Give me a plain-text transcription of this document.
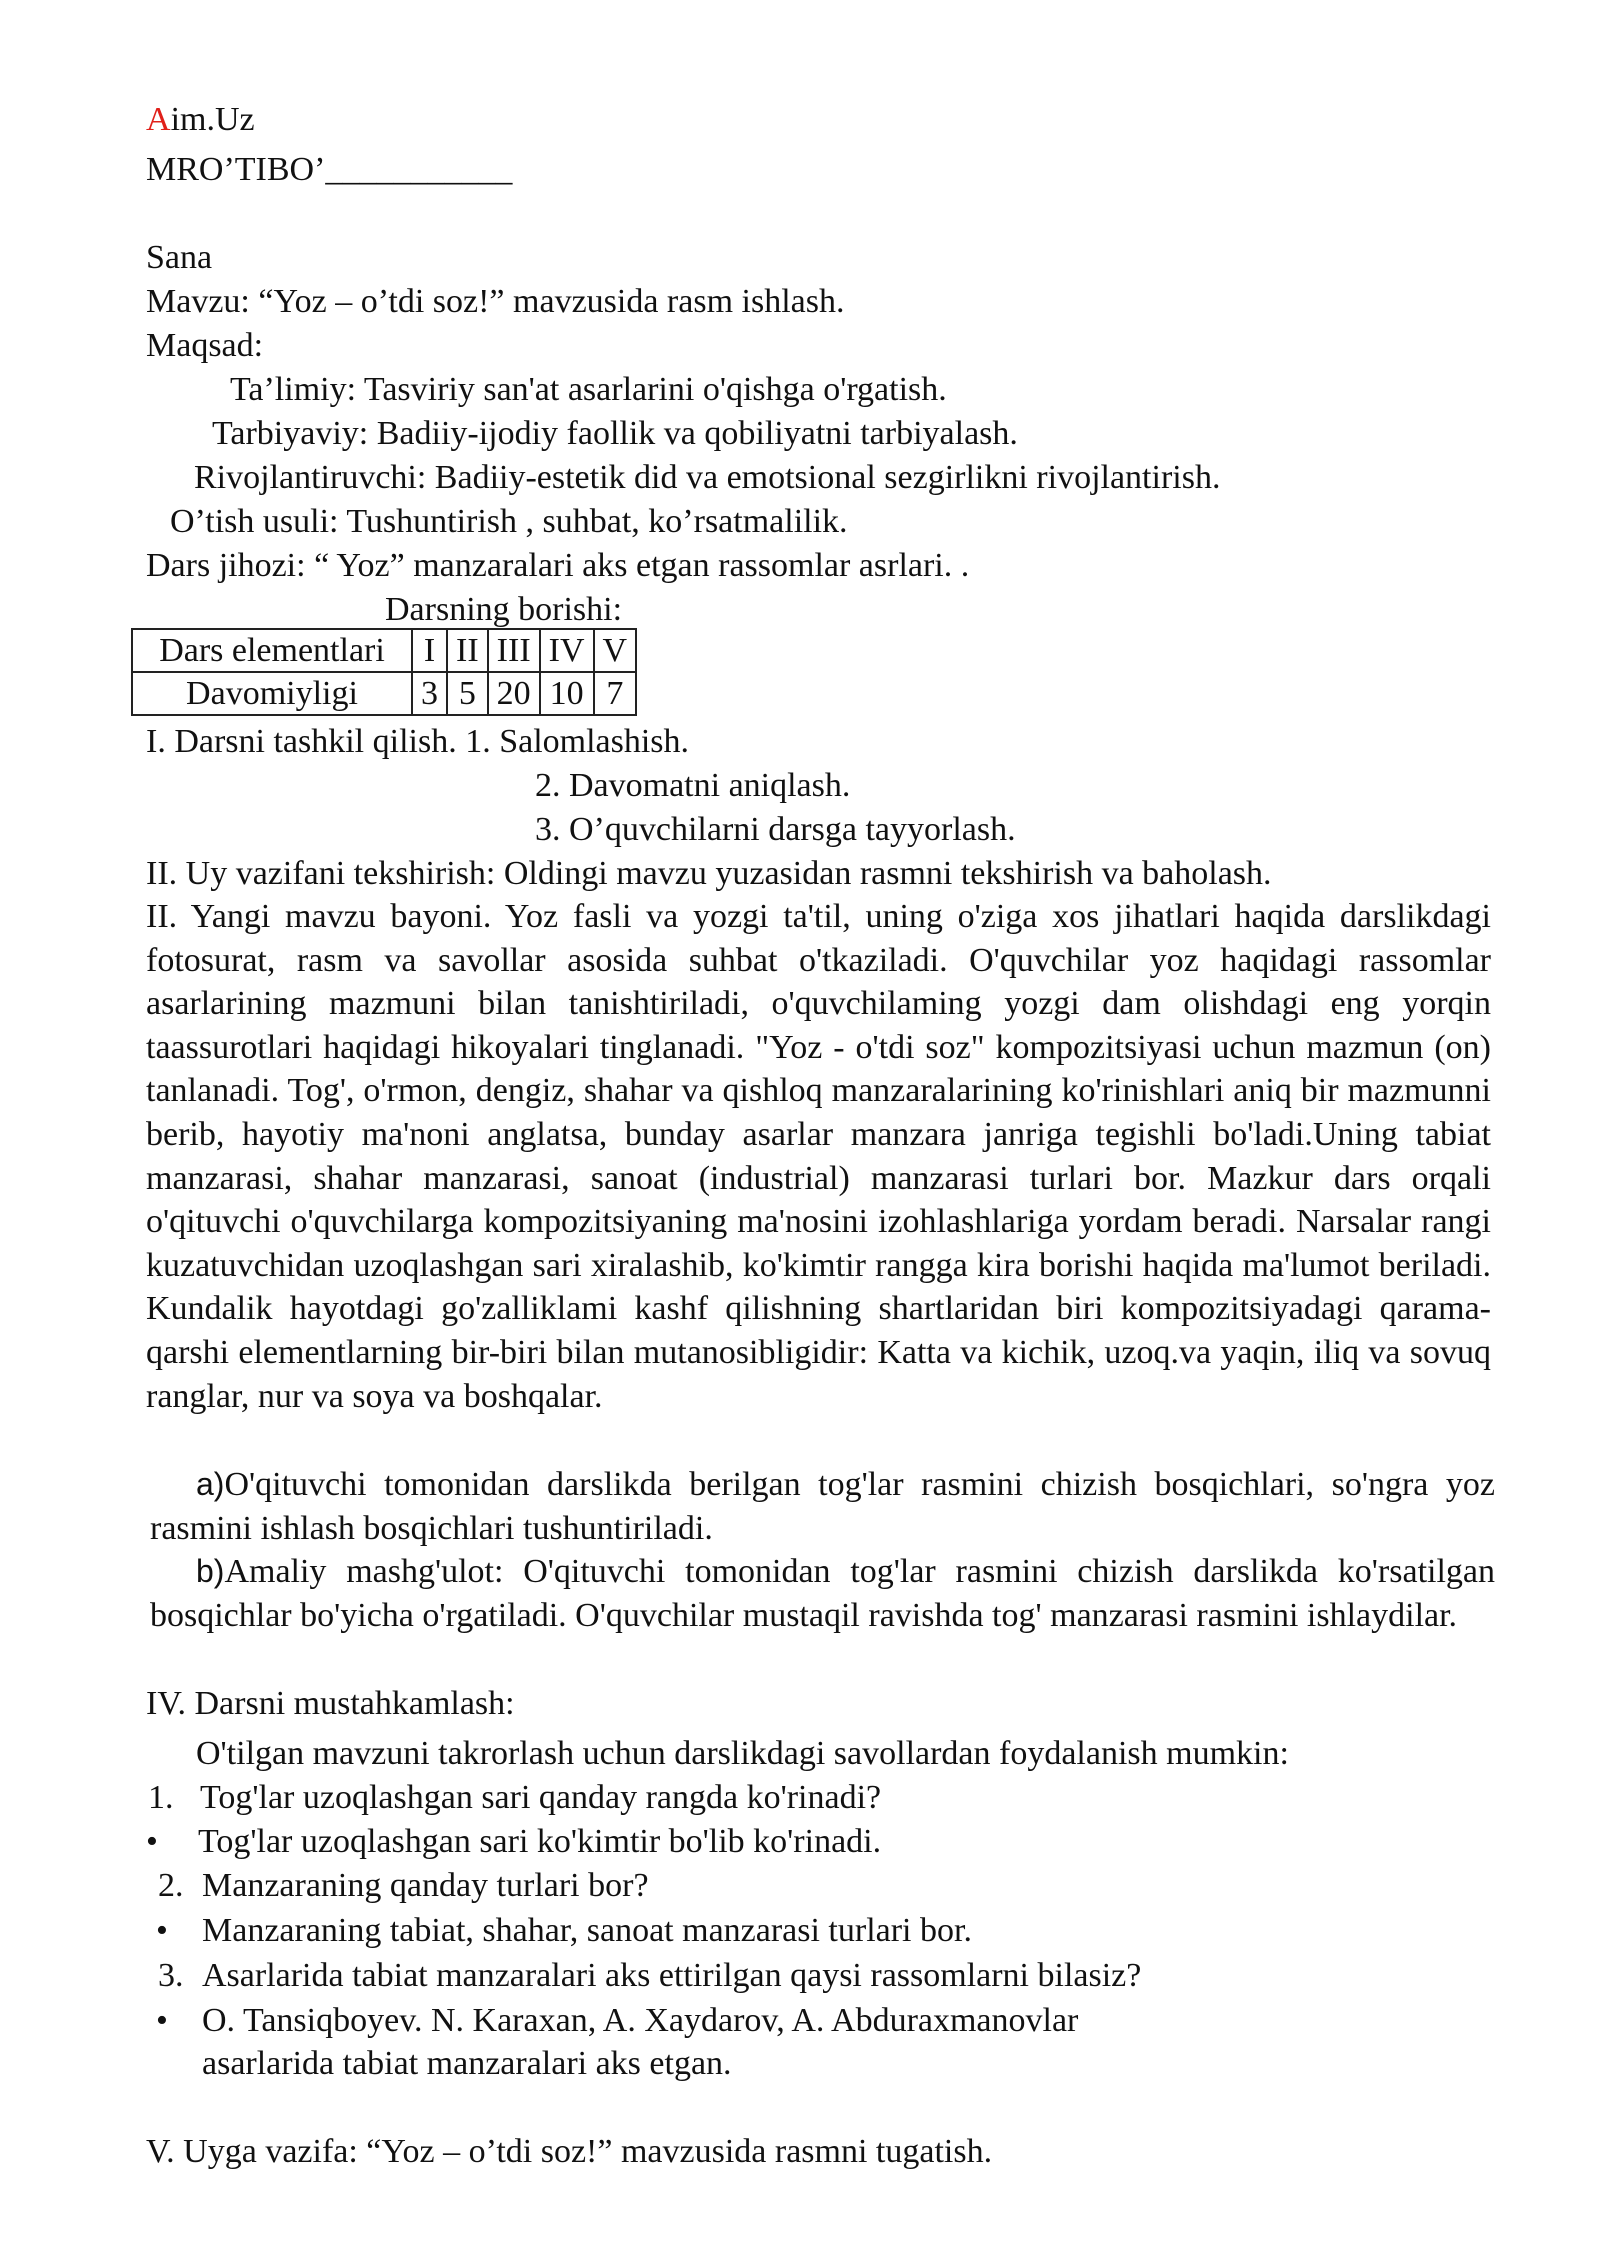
Aim.Uz
MRO’TIBO’___________
Sana
Mavzu: “Yoz – o’tdi soz!” mavzusida rasm ishlash.
Maqsad:
Ta’limiy: Tasviriy san'at asarlarini o'qishga o'rgatish.
Tarbiyaviy: Badiiy-ijodiy faollik va qobiliyatni tarbiyalash.
Rivojlantiruvchi: Badiiy-estetik did va emotsional sezgirlikni rivojlantirish.
O’tish usuli: Tushuntirish , suhbat, ko’rsatmalilik.
Dars jihozi: “ Yoz” manzaralari aks etgan rassomlar asrlari. .
Darsning borishi:
Dars elementlari	I	II	III	IV	V
Davomiyligi	3	5	20	10	7
I. Darsni tashkil qilish. 1. Salomlashish.
2. Davomatni aniqlash.
3. O’quvchilarni darsga tayyorlash.
II. Uy vazifani tekshirish: Oldingi mavzu yuzasidan rasmni tekshirish va baholash.
II. Yangi mavzu bayoni. Yoz fasli va yozgi ta'til, uning o'ziga xos jihatlari haqida darslikdagi fotosurat, rasm va savollar asosida suhbat o'tkaziladi. O'quvchilar yoz haqidagi rassomlar asarlarining mazmuni bilan tanishtiriladi, o'quvchilaming yozgi dam olishdagi eng yorqin taassurotlari haqidagi hikoyalari tinglanadi. "Yoz - o'tdi soz" kompozitsiyasi uchun mazmun (on) tanlanadi. Tog', o'rmon, dengiz, shahar va qishloq manzaralarining ko'rinishlari aniq bir mazmunni berib, hayotiy ma'noni anglatsa, bunday asarlar manzara janriga tegishli bo'ladi.Uning tabiat manzarasi, shahar manzarasi, sanoat (industrial) manzarasi turlari bor. Mazkur dars orqali o'qituvchi o'quvchilarga kompozitsiyaning ma'nosini izohlashlariga yordam beradi. Narsalar rangi kuzatuvchidan uzoqlashgan sari xiralashib, ko'kimtir rangga kira borishi haqida ma'lumot beriladi. Kundalik hayotdagi go'zalliklami kashf qilishning shartlaridan biri kompozitsiyadagi qarama-qarshi elementlarning bir-biri bilan mutanosibligidir: Katta va kichik, uzoq.va yaqin, iliq va sovuq ranglar, nur va soya va boshqalar.
a)O'qituvchi tomonidan darslikda berilgan tog'lar rasmini chizish bosqichlari, so'ngra yoz rasmini ishlash bosqichlari tushuntiriladi.
b)Amaliy mashg'ulot: O'qituvchi tomonidan tog'lar rasmini chizish darslikda ko'rsatilgan bosqichlar bo'yicha o'rgatiladi. O'quvchilar mustaqil ravishda tog' manzarasi rasmini ishlaydilar.
IV. Darsni mustahkamlash:
O'tilgan mavzuni takrorlash uchun darslikdagi savollardan foydalanish mumkin:
1. Tog'lar uzoqlashgan sari qanday rangda ko'rinadi?
• Tog'lar uzoqlashgan sari ko'kimtir bo'lib ko'rinadi.
2. Manzaraning qanday turlari bor?
• Manzaraning tabiat, shahar, sanoat manzarasi turlari bor.
3. Asarlarida tabiat manzaralari aks ettirilgan qaysi rassomlarni bilasiz?
• O. Tansiqboyev. N. Karaxan, A. Xaydarov, A. Abduraxmanovlar
asarlarida tabiat manzaralari aks etgan.
V. Uyga vazifa: “Yoz – o’tdi soz!” mavzusida rasmni tugatish.
